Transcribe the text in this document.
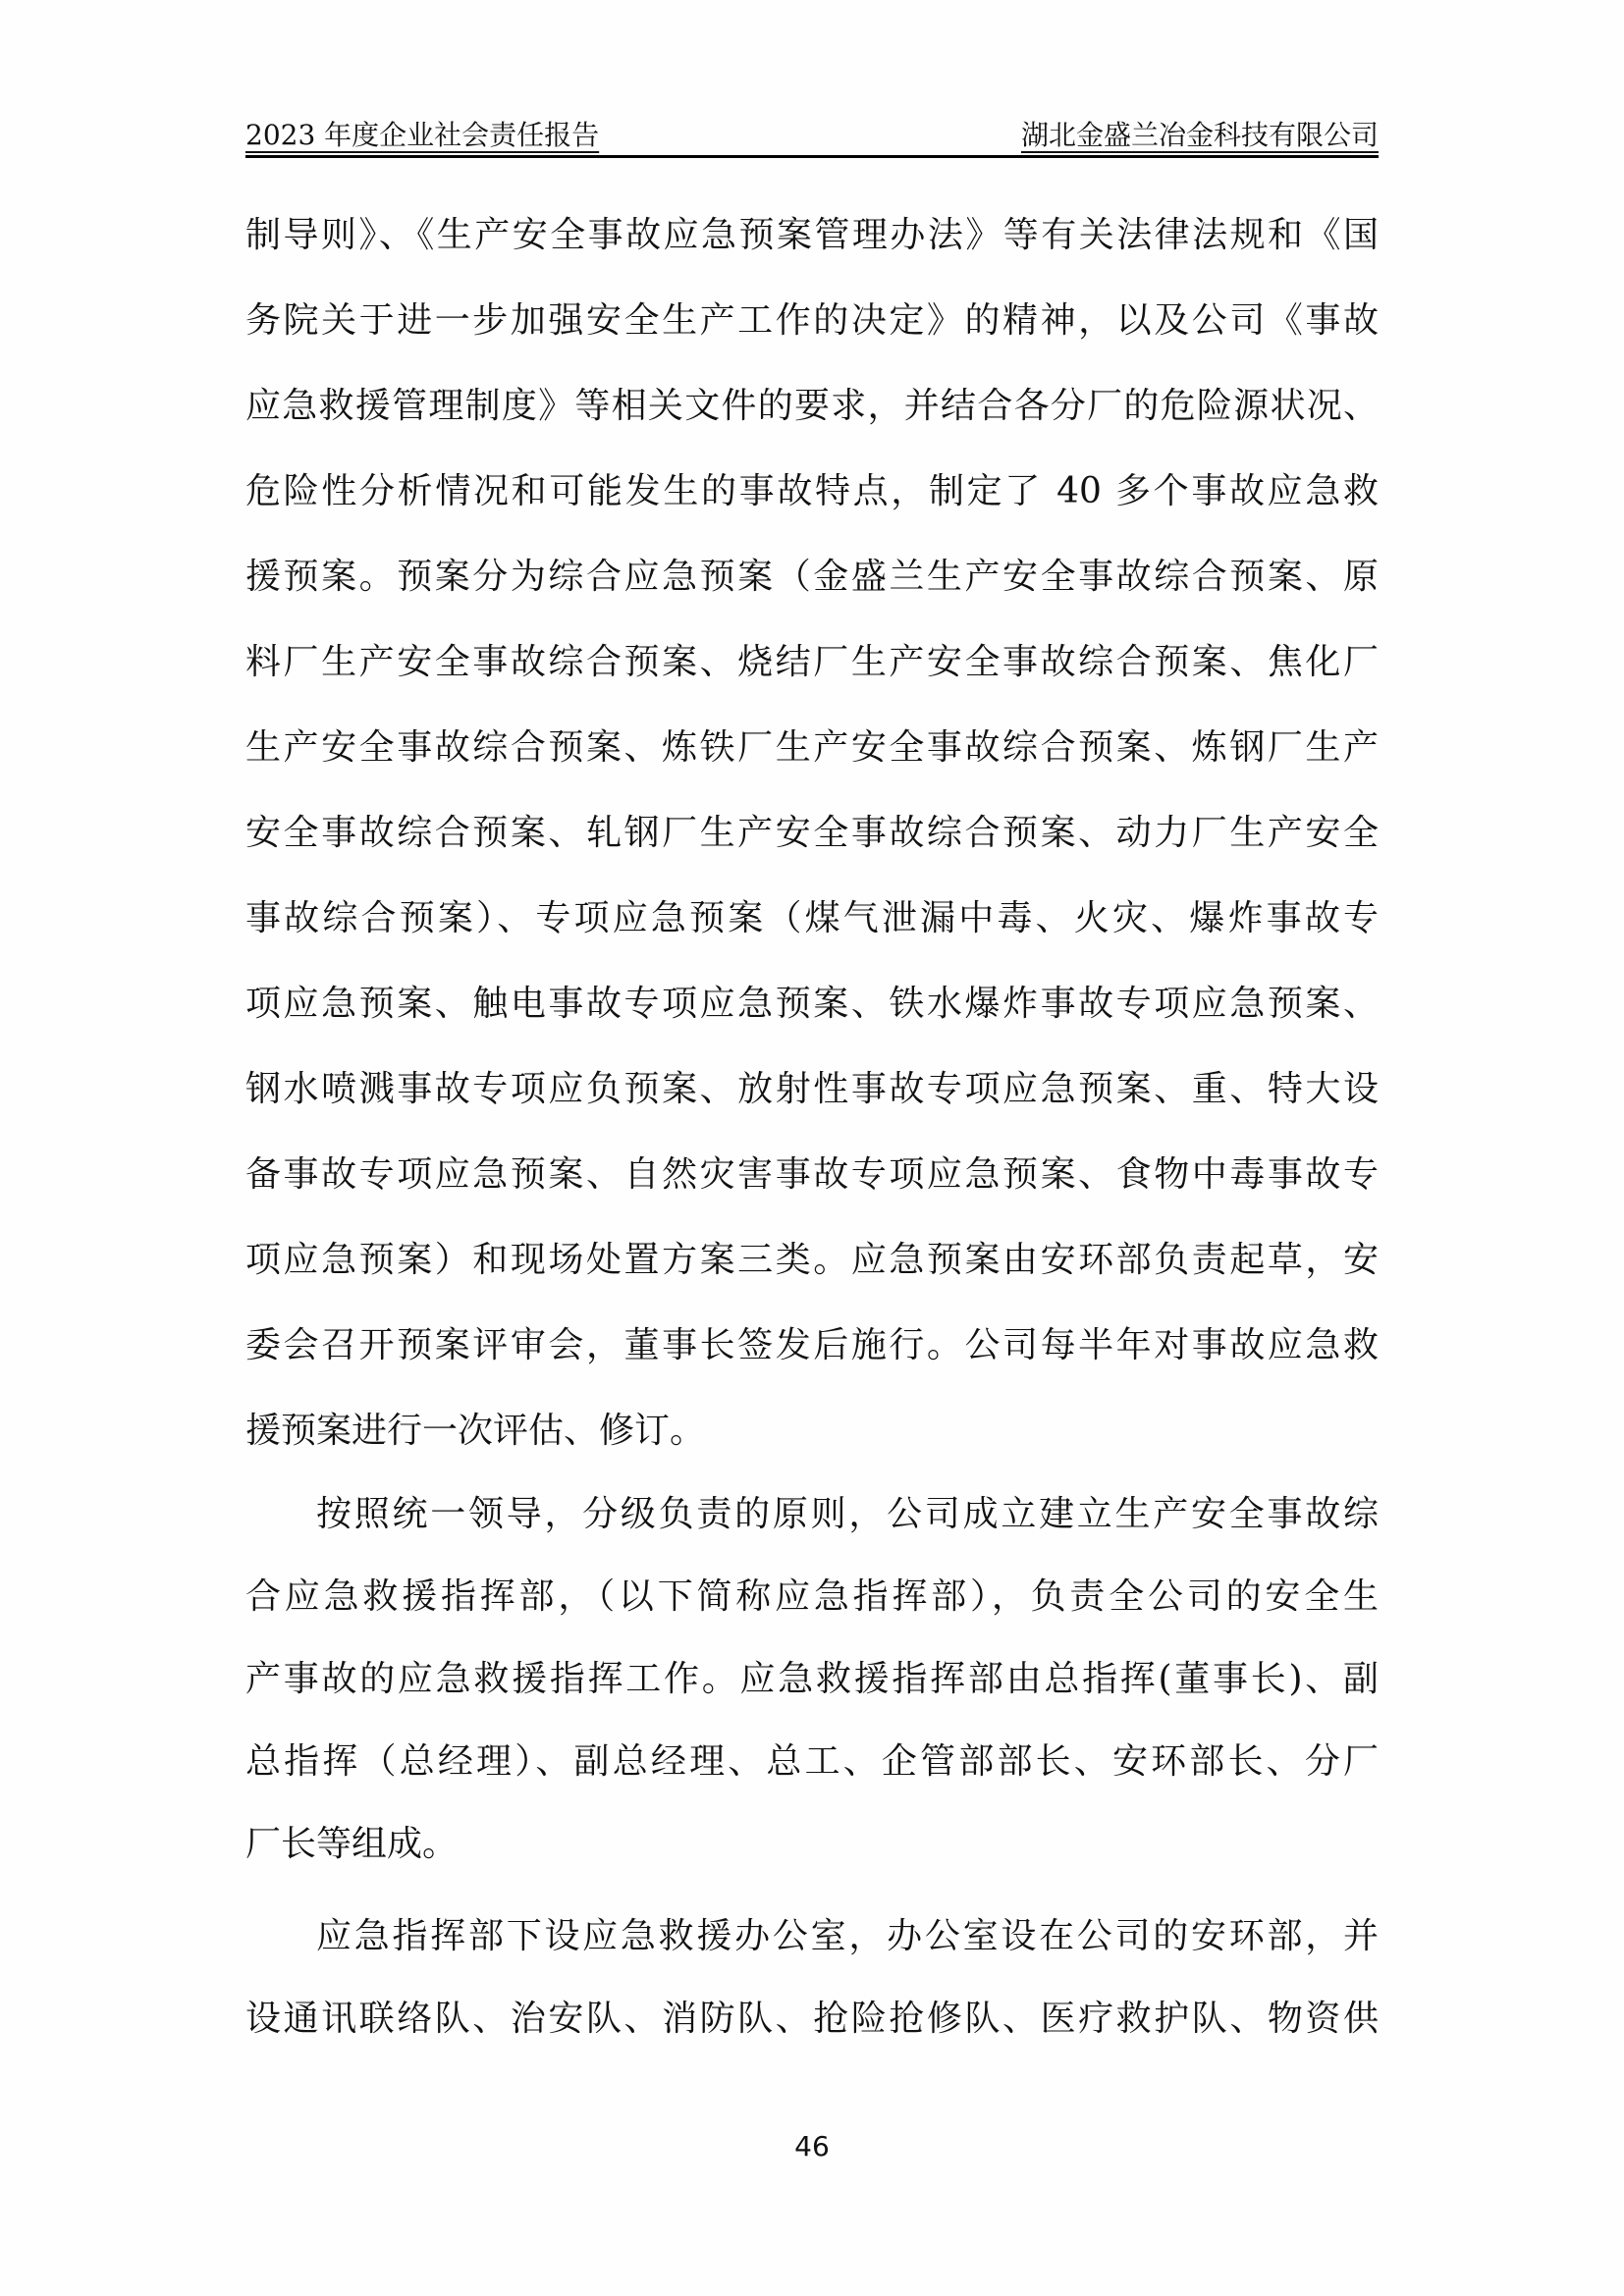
2023 年度企业社会责任报告	湖北金盛兰冶金科技有限公司
制导则》、《生产安全事故应急预案管理办法》等有关法律法规和《国
务院关于进一步加强安全生产工作的决定》的精神，以及公司《事故
应急救援管理制度》等相关文件的要求，并结合各分厂的危险源状况、
危险性分析情况和可能发生的事故特点，制定了 40 多个事故应急救
援预案。预案分为综合应急预案（金盛兰生产安全事故综合预案、原
料厂生产安全事故综合预案、烧结厂生产安全事故综合预案、焦化厂
生产安全事故综合预案、炼铁厂生产安全事故综合预案、炼钢厂生产
安全事故综合预案、轧钢厂生产安全事故综合预案、动力厂生产安全
事故综合预案）、专项应急预案（煤气泄漏中毒、火灾、爆炸事故专
项应急预案、触电事故专项应急预案、铁水爆炸事故专项应急预案、
钢水喷溅事故专项应负预案、放射性事故专项应急预案、重、特大设
备事故专项应急预案、自然灾害事故专项应急预案、食物中毒事故专
项应急预案）和现场处置方案三类。应急预案由安环部负责起草，安
委会召开预案评审会，董事长签发后施行。公司每半年对事故应急救
援预案进行一次评估、修订。
按照统一领导，分级负责的原则，公司成立建立生产安全事故综
合应急救援指挥部，（以下简称应急指挥部），负责全公司的安全生
产事故的应急救援指挥工作。应急救援指挥部由总指挥(董事长)、副
总指挥（总经理）、副总经理、总工、企管部部长、安环部长、分厂
厂长等组成。
应急指挥部下设应急救援办公室，办公室设在公司的安环部，并
设通讯联络队、治安队、消防队、抢险抢修队、医疗救护队、物资供
46
